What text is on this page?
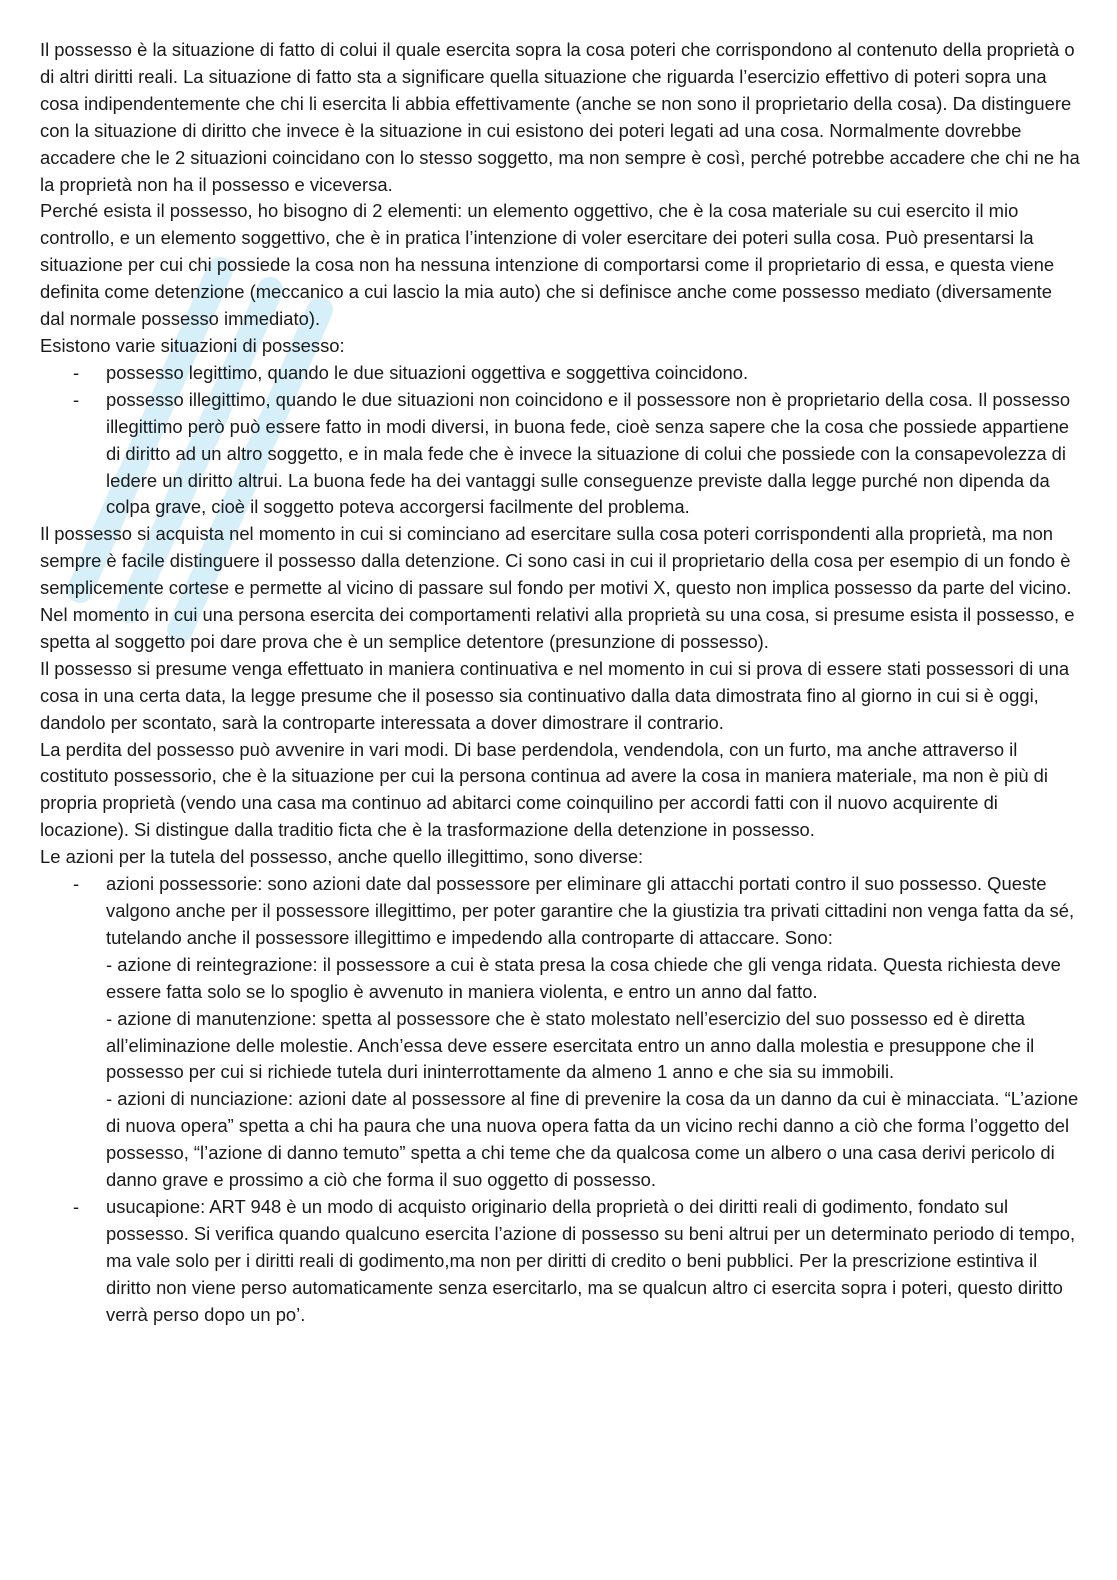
Il possesso è la situazione di fatto di colui il quale esercita sopra la cosa poteri che corrispondono al contenuto della proprietà o di altri diritti reali. La situazione di fatto sta a significare quella situazione che riguarda l’esercizio effettivo di poteri sopra una cosa indipendentemente che chi li esercita li abbia effettivamente (anche se non sono il proprietario della cosa). Da distinguere con la situazione di diritto che invece è la situazione in cui esistono dei poteri legati ad una cosa. Normalmente dovrebbe accadere che le 2 situazioni coincidano con lo stesso soggetto, ma non sempre è così, perché potrebbe accadere che chi ne ha la proprietà non ha il possesso e viceversa.

Perché esista il possesso, ho bisogno di 2 elementi: un elemento oggettivo, che è la cosa materiale su cui esercito il mio controllo, e un elemento soggettivo, che è in pratica l’intenzione di voler esercitare dei poteri sulla cosa. Può presentarsi la situazione per cui chi possiede la cosa non ha nessuna intenzione di comportarsi come il proprietario di essa, e questa viene definita come detenzione (meccanico a cui lascio la mia auto) che si definisce anche come possesso mediato (diversamente dal normale possesso immediato).

Esistono varie situazioni di possesso:

- possesso legittimo, quando le due situazioni oggettiva e soggettiva coincidono.
- possesso illegittimo, quando le due situazioni non coincidono e il possessore non è proprietario della cosa. Il possesso illegittimo però può essere fatto in modi diversi, in buona fede, cioè senza sapere che la cosa che possiede appartiene di diritto ad un altro soggetto, e in mala fede che è invece la situazione di colui che possiede con la consapevolezza di ledere un diritto altrui. La buona fede ha dei vantaggi sulle conseguenze previste dalla legge purché non dipenda da colpa grave, cioè il soggetto poteva accorgersi facilmente del problema.

Il possesso si acquista nel momento in cui si cominciano ad esercitare sulla cosa poteri corrispondenti alla proprietà, ma non sempre è facile distinguere il possesso dalla detenzione. Ci sono casi in cui il proprietario della cosa per esempio di un fondo è semplicemente cortese e permette al vicino di passare sul fondo per motivi X, questo non implica possesso da parte del vicino. Nel momento in cui una persona esercita dei comportamenti relativi alla proprietà su una cosa, si presume esista il possesso, e spetta al soggetto poi dare prova che è un semplice detentore (presunzione di possesso).

Il possesso si presume venga effettuato in maniera continuativa e nel momento in cui si prova di essere stati possessori di una cosa in una certa data, la legge presume che il posesso sia continuativo dalla data dimostrata fino al giorno in cui si è oggi, dandolo per scontato, sarà la controparte interessata a dover dimostrare il contrario.

La perdita del possesso può avvenire in vari modi. Di base perdendola, vendendola, con un furto, ma anche attraverso il costituto possessorio, che è la situazione per cui la persona continua ad avere la cosa in maniera materiale, ma non è più di propria proprietà (vendo una casa ma continuo ad abitarci come coinquilino per accordi fatti con il nuovo acquirente di locazione). Si distingue dalla traditio ficta che è la trasformazione della detenzione in possesso.

Le azioni per la tutela del possesso, anche quello illegittimo, sono diverse:

- azioni possessorie: sono azioni date dal possessore per eliminare gli attacchi portati contro il suo possesso. Queste valgono anche per il possessore illegittimo, per poter garantire che la giustizia tra privati cittadini non venga fatta da sé, tutelando anche il possessore illegittimo e impedendo alla controparte di attaccare. Sono:
- azione di reintegrazione: il possessore a cui è stata presa la cosa chiede che gli venga ridata. Questa richiesta deve essere fatta solo se lo spoglio è avvenuto in maniera violenta, e entro un anno dal fatto.
- azione di manutenzione: spetta al possessore che è stato molestato nell’esercizio del suo possesso ed è diretta all’eliminazione delle molestie. Anch’essa deve essere esercitata entro un anno dalla molestia e presuppone che il possesso per cui si richiede tutela duri ininterrottamente da almeno 1 anno e che sia su immobili.
- azioni di nunciazione: azioni date al possessore al fine di prevenire la cosa da un danno da cui è minacciata. “L’azione di nuova opera” spetta a chi ha paura che una nuova opera fatta da un vicino rechi danno a ciò che forma l’oggetto del possesso, “l’azione di danno temuto” spetta a chi teme che da qualcosa come un albero o una casa derivi pericolo di danno grave e prossimo a ciò che forma il suo oggetto di possesso.
- usucapione: ART 948 è un modo di acquisto originario della proprietà o dei diritti reali di godimento, fondato sul possesso. Si verifica quando qualcuno esercita l’azione di possesso su beni altrui per un determinato periodo di tempo, ma vale solo per i diritti reali di godimento,ma non per diritti di credito o beni pubblici. Per la prescrizione estintiva il diritto non viene perso automaticamente senza esercitarlo, ma se qualcun altro ci esercita sopra i poteri, questo diritto verrà perso dopo un po’.
